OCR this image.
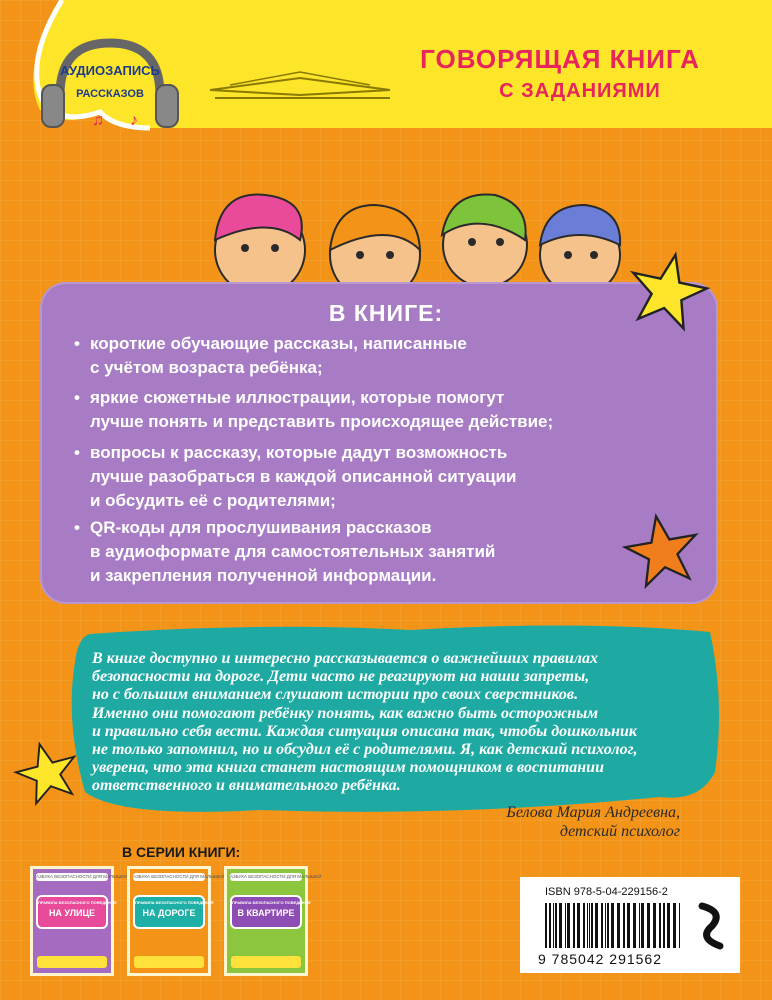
АУДИОЗАПИСЬ
РАССКАЗОВ
♫ ♪
ГОВОРЯЩАЯ КНИГА
С ЗАДАНИЯМИ
В КНИГЕ:
• короткие обучающие рассказы, написанные
с учётом возраста ребёнка;
• яркие сюжетные иллюстрации, которые помогут
лучше понять и представить происходящее действие;
• вопросы к рассказу, которые дадут возможность
лучше разобраться в каждой описанной ситуации
и обсудить её с родителями;
• QR-коды для прослушивания рассказов
в аудиоформате для самостоятельных занятий
и закрепления полученной информации.
В книге доступно и интересно рассказывается о важнейших правилах
безопасности на дороге. Дети часто не реагируют на наши запреты,
но с большим вниманием слушают истории про своих сверстников.
Именно они помогают ребёнку понять, как важно быть осторожным
и правильно себя вести. Каждая ситуация описана так, чтобы дошкольник
не только запомнил, но и обсудил её с родителями. Я, как детский психолог,
уверена, что эта книга станет настоящим помощником в воспитании
ответственного и внимательного ребёнка.
Белова Мария Андреевна,
детский психолог
В СЕРИИ КНИГИ:
АЗБУКА БЕЗОПАСНОСТИ ДЛЯ МАЛЫШЕЙ
ПРАВИЛА БЕЗОПАСНОГО ПОВЕДЕНИЯ
НА УЛИЦЕ
АЗБУКА БЕЗОПАСНОСТИ ДЛЯ МАЛЫШЕЙ
ПРАВИЛА БЕЗОПАСНОГО ПОВЕДЕНИЯ
НА ДОРОГЕ
АЗБУКА БЕЗОПАСНОСТИ ДЛЯ МАЛЫШЕЙ
ПРАВИЛА БЕЗОПАСНОГО ПОВЕДЕНИЯ
В КВАРТИРЕ
ISBN 978-5-04-229156-2
9 785042 291562
